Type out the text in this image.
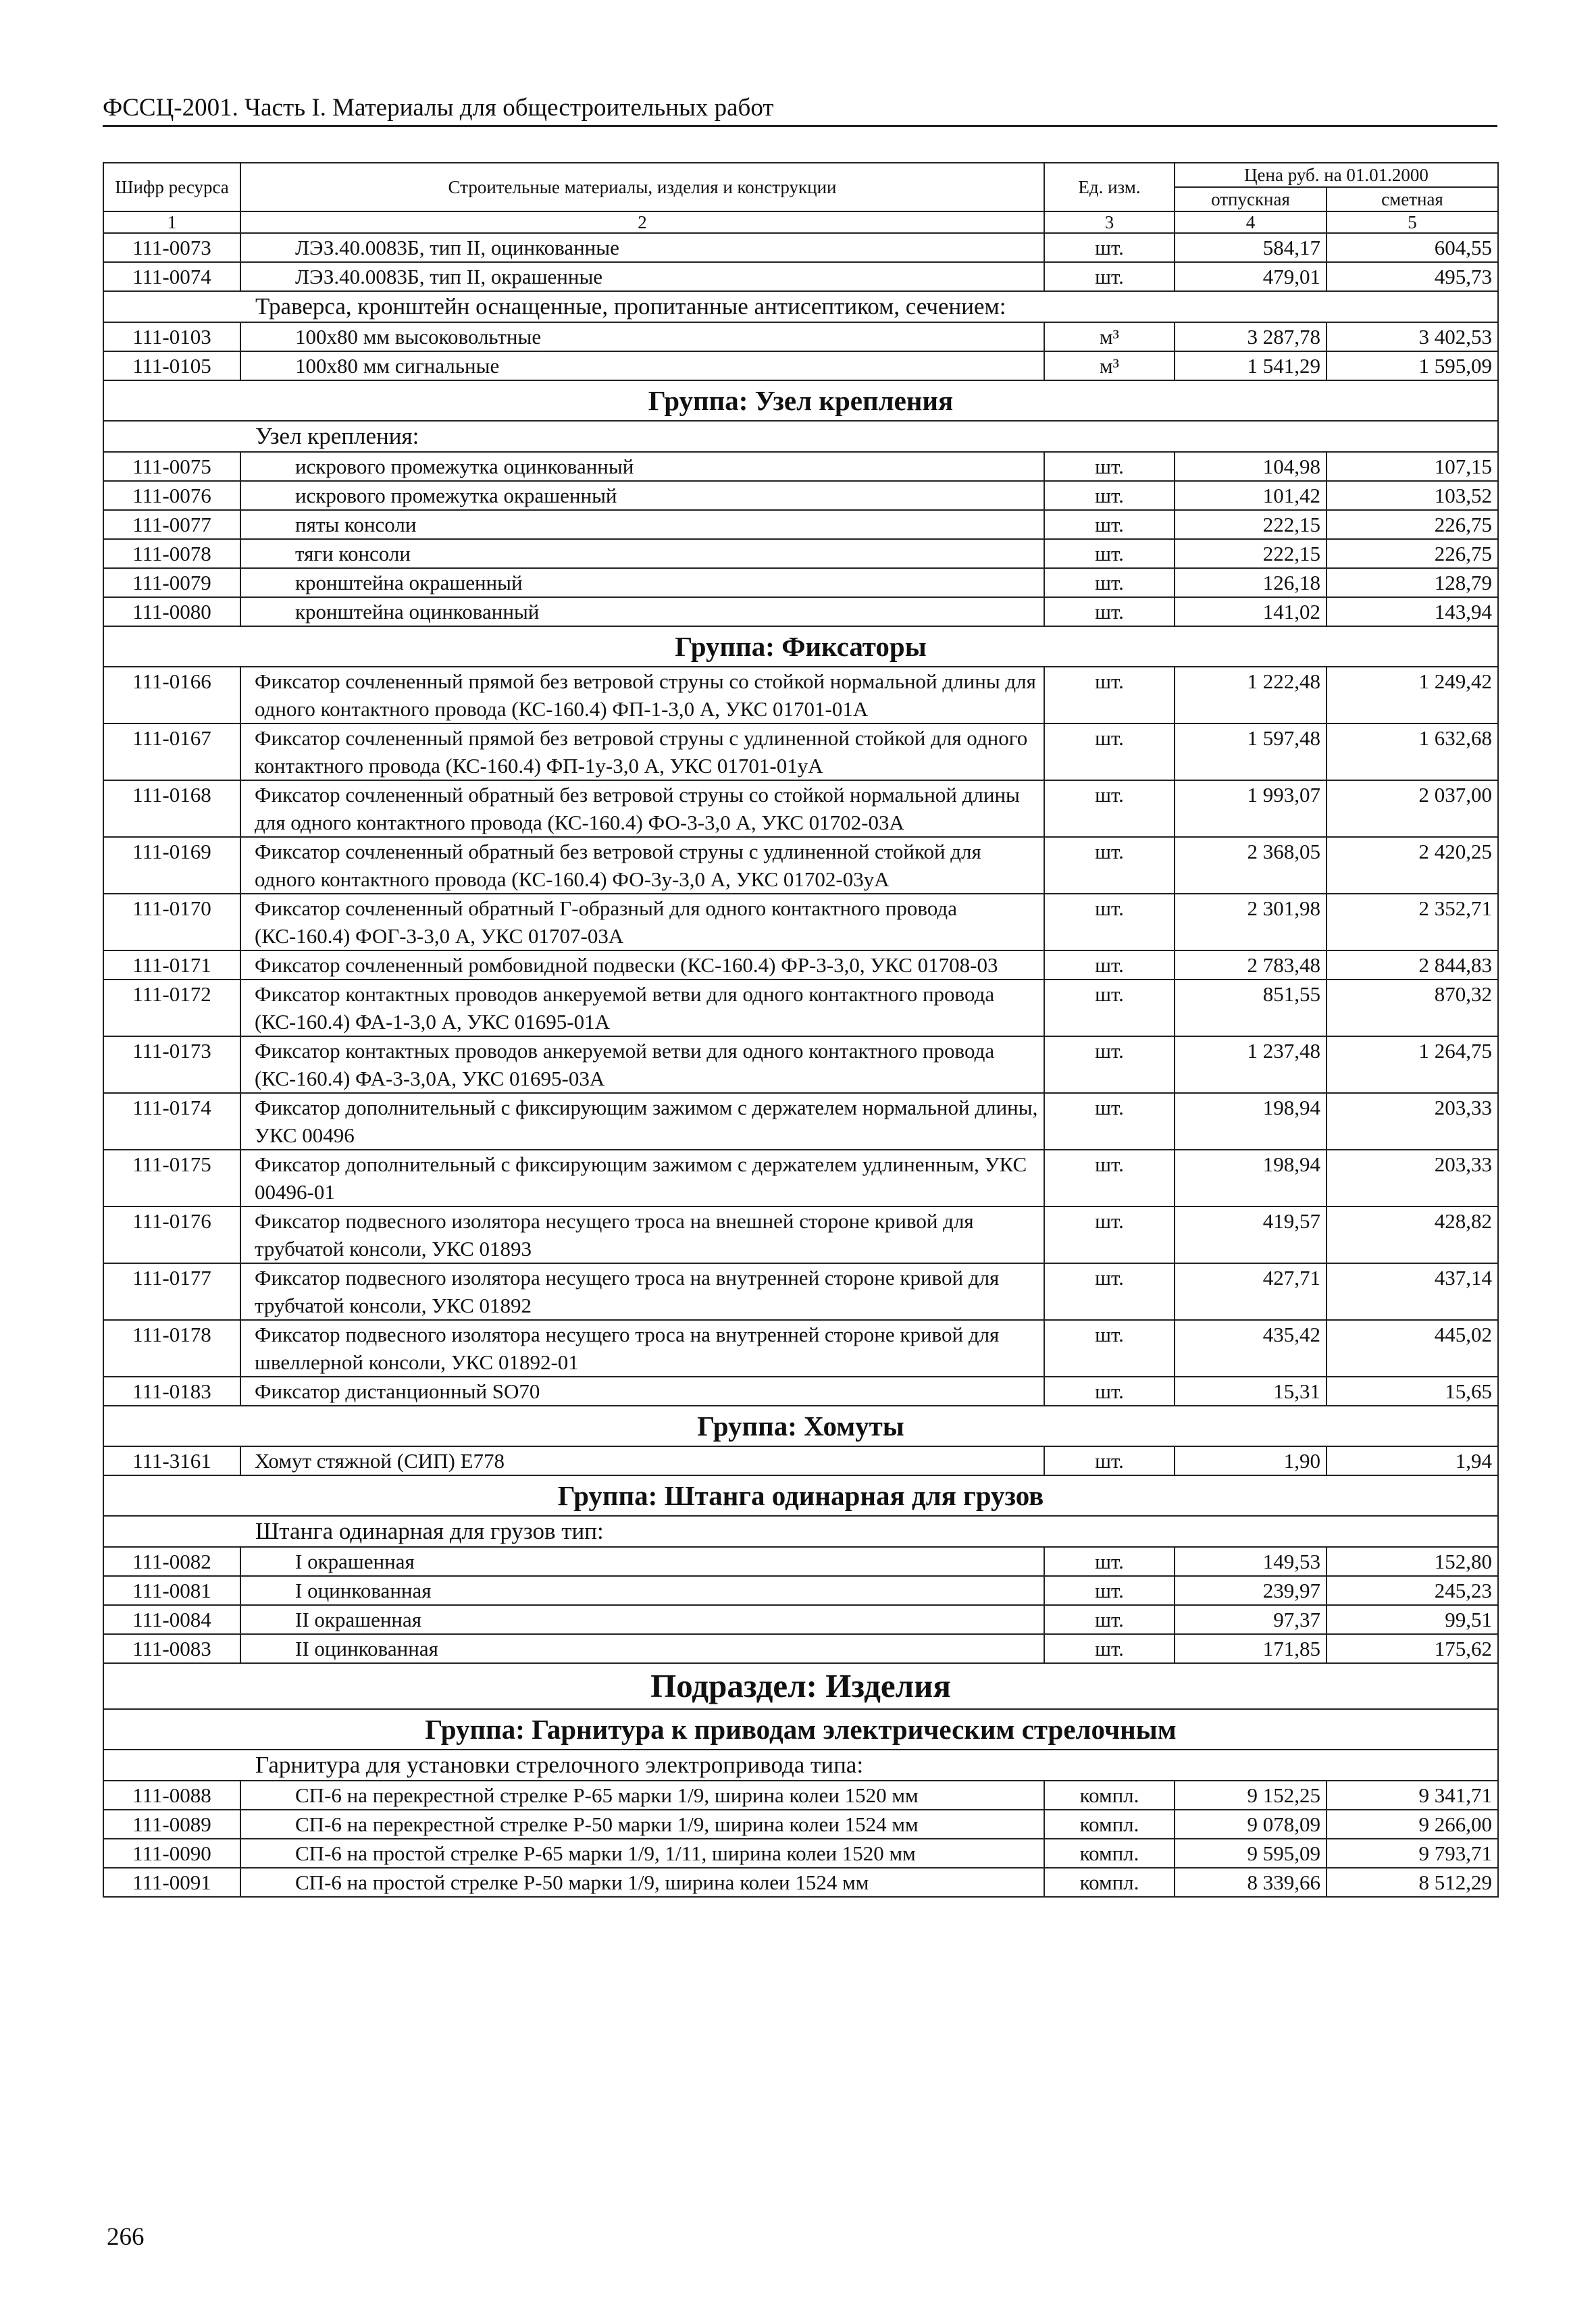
ФССЦ-2001. Часть I. Материалы для общестроительных работ
Шифр ресурса	Строительные материалы, изделия и конструкции	Ед. изм.	Цена руб. на 01.01.2000	
			отпускная	сметная
1	2	3	4	5
111-0073	ЛЭЗ.40.0083Б, тип II, оцинкованные	шт.	584,17	604,55
111-0074	ЛЭЗ.40.0083Б, тип II, окрашенные	шт.	479,01	495,73
Траверса, кронштейн оснащенные, пропитанные антисептиком, сечением:				
111-0103	100х80 мм высоковольтные	м³	3 287,78	3 402,53
111-0105	100х80 мм сигнальные	м³	1 541,29	1 595,09
Группа: Узел крепления				
Узел крепления:				
111-0075	искрового промежутка оцинкованный	шт.	104,98	107,15
111-0076	искрового промежутка окрашенный	шт.	101,42	103,52
111-0077	пяты консоли	шт.	222,15	226,75
111-0078	тяги консоли	шт.	222,15	226,75
111-0079	кронштейна окрашенный	шт.	126,18	128,79
111-0080	кронштейна оцинкованный	шт.	141,02	143,94
Группа: Фиксаторы				
111-0166	Фиксатор сочлененный прямой без ветровой струны со стойкой нормальной длины для одного контактного провода (КС-160.4) ФП-1-3,0 А, УКС 01701-01А	шт.	1 222,48	1 249,42
111-0167	Фиксатор сочлененный прямой без ветровой струны с удлиненной стойкой для одного контактного провода (КС-160.4) ФП-1у-3,0 А, УКС 01701-01уА	шт.	1 597,48	1 632,68
111-0168	Фиксатор сочлененный обратный без ветровой струны со стойкой нормальной длины для одного контактного провода (КС-160.4) ФО-3-3,0 А, УКС 01702-03А	шт.	1 993,07	2 037,00
111-0169	Фиксатор сочлененный обратный без ветровой струны с удлиненной стойкой для одного контактного провода (КС-160.4) ФО-3у-3,0 А, УКС 01702-03уА	шт.	2 368,05	2 420,25
111-0170	Фиксатор сочлененный обратный Г-образный для одного контактного провода (КС-160.4) ФОГ-3-3,0 А, УКС 01707-03А	шт.	2 301,98	2 352,71
111-0171	Фиксатор сочлененный ромбовидной подвески (КС-160.4) ФР-3-3,0, УКС 01708-03	шт.	2 783,48	2 844,83
111-0172	Фиксатор контактных проводов анкеруемой ветви для одного контактного провода (КС-160.4) ФА-1-3,0 А, УКС 01695-01А	шт.	851,55	870,32
111-0173	Фиксатор контактных проводов анкеруемой ветви для одного контактного провода (КС-160.4) ФА-3-3,0А, УКС 01695-03А	шт.	1 237,48	1 264,75
111-0174	Фиксатор дополнительный с фиксирующим зажимом с держателем нормальной длины, УКС 00496	шт.	198,94	203,33
111-0175	Фиксатор дополнительный с фиксирующим зажимом с держателем удлиненным, УКС 00496-01	шт.	198,94	203,33
111-0176	Фиксатор подвесного изолятора несущего троса на внешней стороне кривой для трубчатой консоли, УКС 01893	шт.	419,57	428,82
111-0177	Фиксатор подвесного изолятора несущего троса на внутренней стороне кривой для трубчатой консоли, УКС 01892	шт.	427,71	437,14
111-0178	Фиксатор подвесного изолятора несущего троса на внутренней стороне кривой для швеллерной консоли, УКС 01892-01	шт.	435,42	445,02
111-0183	Фиксатор дистанционный SO70	шт.	15,31	15,65
Группа: Хомуты				
111-3161	Хомут стяжной (СИП) Е778	шт.	1,90	1,94
Группа: Штанга одинарная для грузов				
Штанга одинарная для грузов тип:				
111-0082	I окрашенная	шт.	149,53	152,80
111-0081	I оцинкованная	шт.	239,97	245,23
111-0084	II окрашенная	шт.	97,37	99,51
111-0083	II оцинкованная	шт.	171,85	175,62
Подраздел: Изделия				
Группа: Гарнитура к приводам электрическим стрелочным				
Гарнитура для установки стрелочного электропривода типа:				
111-0088	СП-6 на перекрестной стрелке Р-65 марки 1/9, ширина колеи 1520 мм	компл.	9 152,25	9 341,71
111-0089	СП-6 на перекрестной стрелке Р-50 марки 1/9, ширина колеи 1524 мм	компл.	9 078,09	9 266,00
111-0090	СП-6 на простой стрелке Р-65 марки 1/9, 1/11, ширина колеи 1520 мм	компл.	9 595,09	9 793,71
111-0091	СП-6 на простой стрелке Р-50 марки 1/9, ширина колеи 1524 мм	компл.	8 339,66	8 512,29
266
